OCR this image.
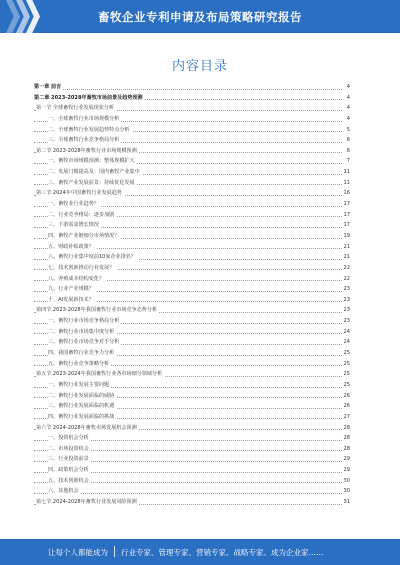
畜牧企业专利申请及布局策略研究报告
内容目录
第一章 前言	4
第二章 2023-2028年畜牧市场前景及趋势预测	4
第一节 全球畜牧行业发展现状分析	4
一、全球畜牧行业市场规模分析	4
二、全球畜牧行业发展趋势特点分析	5
三、全球畜牧行业竞争格局分析	6
第二节 2023-2028年畜牧行业市场规模预测	6
一、畜牧市场规模预测：整体规模扩大	7
二、发展门槛提高及：国内畜牧产业集中	11
三、畜牧产业发展前景：持续优化发展	11
第三节 2024年中国畜牧行业发展趋势	16
一、畜牧业行业趋势？	17
二、行业竞争格局：逐步加剧	17
三、下游需求增长情况	17
四、畜牧产业链细分市场情况？	19
五、财政补贴政策？	21
六、畜牧行业集中度前10家企业排名？	21
七、技术创新推动行业发展？	22
八、养殖成本结构变化？	22
九、行业产业规模？	23
十、AI发展新技术？	23
第四节 2023-2028年我国畜牧行业市场竞争态势分析	23
一、畜牧行业市场竞争格局分析	23
二、畜牧行业市场集中度分析	24
三、畜牧行业市场竞争对手分析	24
四、我国畜牧行业竞争力分析	25
五、畜牧行业竞争策略分析	25
第五节 2023-2024年我国畜牧行业各市场细分领域分析	25
一、畜牧行业发展主要问题	25
二、畜牧行业发展面临的威胁	26
三、畜牧行业发展面临的机遇	26
四、畜牧行业发展面临的挑战	27
第六节 2024-2028年畜牧市场发展机会预测	28
一、投资机会分析	28
二、市场投资机会	28
三、行业投资前景	29
四、政策机会分析	29
五、技术创新机会	30
六、其他机会	30
第七节 2024-2028年畜牧行业发展风险预测	31
让每个人都能成为 行业专家、管理专家、营销专家、战略专家、成为企业家……
